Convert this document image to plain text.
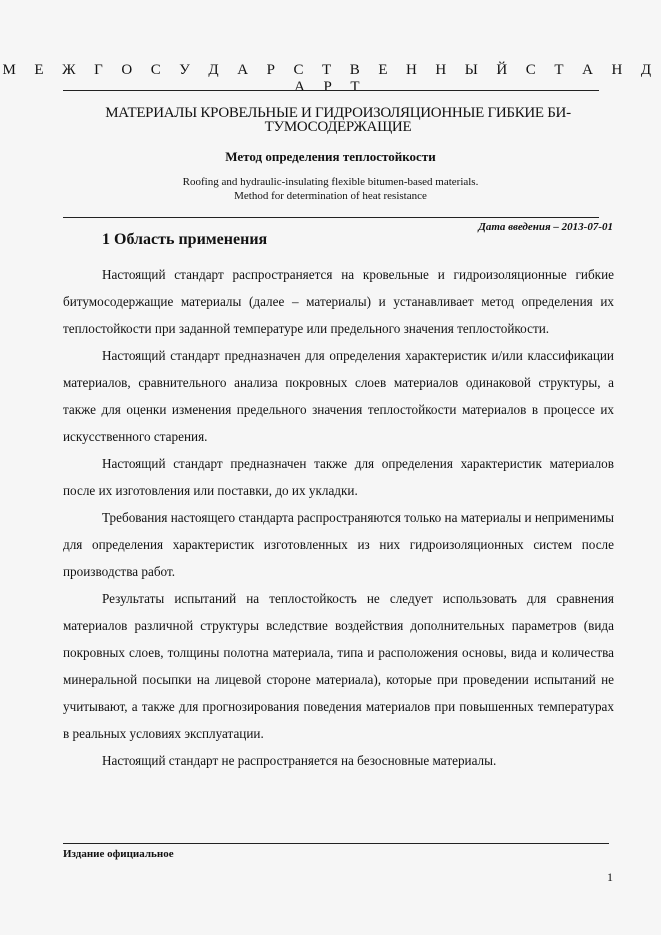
М Е Ж Г О С У Д А Р С Т В Е Н Н Ы Й С Т А Н Д А Р Т
МАТЕРИАЛЫ КРОВЕЛЬНЫЕ И ГИДРОИЗОЛЯЦИОННЫЕ ГИБКИЕ БИ-
ТУМОСОДЕРЖАЩИЕ
Метод определения теплостойкости
Roofing and hydraulic-insulating flexible bitumen-based materials.
Method for determination of heat resistance
Дата введения – 2013-07-01
1 Область применения

Настоящий стандарт распространяется на кровельные и гидроизоляционные гибкие битумосодержащие материалы (далее – материалы) и устанавливает метод определения их теплостойкости при заданной температуре или предельного значения теплостойкости.

Настоящий стандарт предназначен для определения характеристик и/или классификации материалов, сравнительного анализа покровных слоев материалов одинаковой структуры, а также для оценки изменения предельного значения теплостойкости материалов в процессе их искусственного старения.

Настоящий стандарт предназначен также для определения характеристик материалов после их изготовления или поставки, до их укладки.

Требования настоящего стандарта распространяются только на материалы и неприменимы для определения характеристик изготовленных из них гидроизоляционных систем после производства работ.

Результаты испытаний на теплостойкость не следует использовать для сравнения материалов различной структуры вследствие воздействия дополнительных параметров (вида покровных слоев, толщины полотна материала, типа и расположения основы, вида и количества минеральной посыпки на лицевой стороне материала), которые при проведении испытаний не учитывают, а также для прогнозирования поведения материалов при повышенных температурах в реальных условиях эксплуатации.

Настоящий стандарт не распространяется на безосновные материалы.

Издание официальное
1
